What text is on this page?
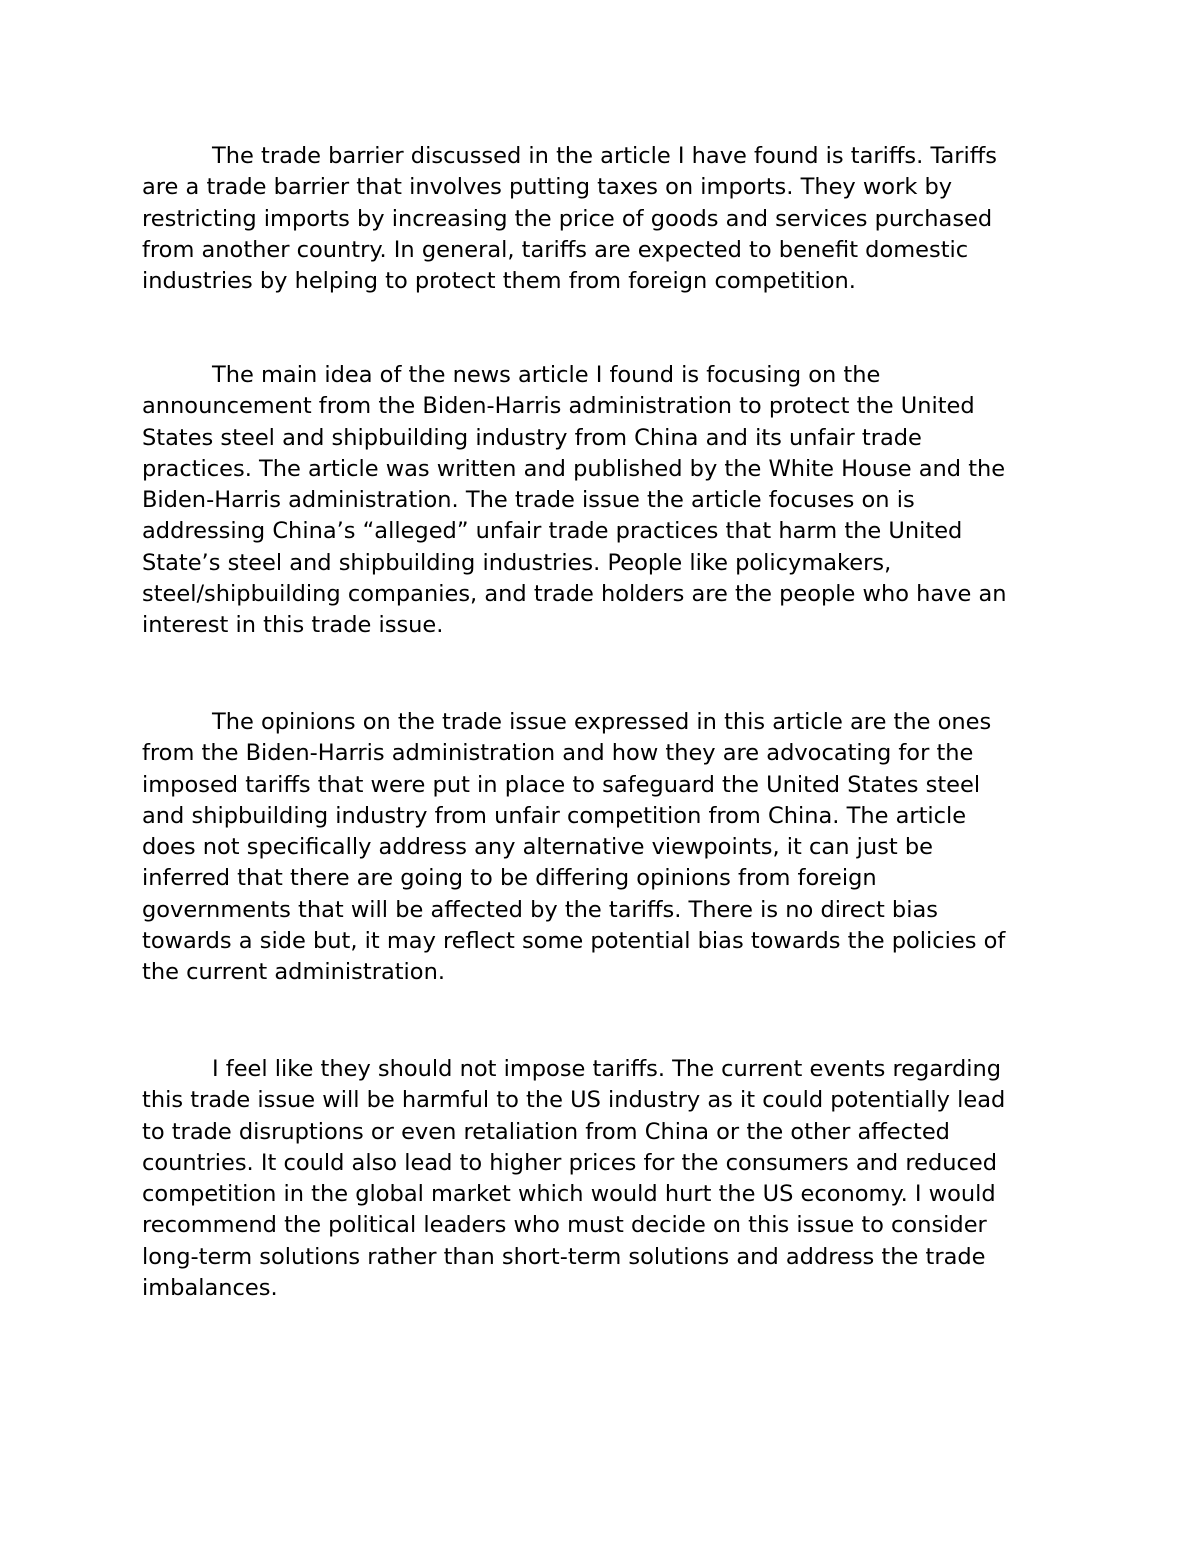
The trade barrier discussed in the article I have found is tariffs. Tariffs
are a trade barrier that involves putting taxes on imports. They work by
restricting imports by increasing the price of goods and services purchased
from another country. In general, tariffs are expected to benefit domestic
industries by helping to protect them from foreign competition.
The main idea of the news article I found is focusing on the
announcement from the Biden-Harris administration to protect the United
States steel and shipbuilding industry from China and its unfair trade
practices. The article was written and published by the White House and the
Biden-Harris administration. The trade issue the article focuses on is
addressing China’s “alleged” unfair trade practices that harm the United
State’s steel and shipbuilding industries. People like policymakers,
steel/shipbuilding companies, and trade holders are the people who have an
interest in this trade issue.
The opinions on the trade issue expressed in this article are the ones
from the Biden-Harris administration and how they are advocating for the
imposed tariffs that were put in place to safeguard the United States steel
and shipbuilding industry from unfair competition from China. The article
does not specifically address any alternative viewpoints, it can just be
inferred that there are going to be differing opinions from foreign
governments that will be affected by the tariffs. There is no direct bias
towards a side but, it may reflect some potential bias towards the policies of
the current administration.
I feel like they should not impose tariffs. The current events regarding
this trade issue will be harmful to the US industry as it could potentially lead
to trade disruptions or even retaliation from China or the other affected
countries. It could also lead to higher prices for the consumers and reduced
competition in the global market which would hurt the US economy. I would
recommend the political leaders who must decide on this issue to consider
long-term solutions rather than short-term solutions and address the trade
imbalances.
